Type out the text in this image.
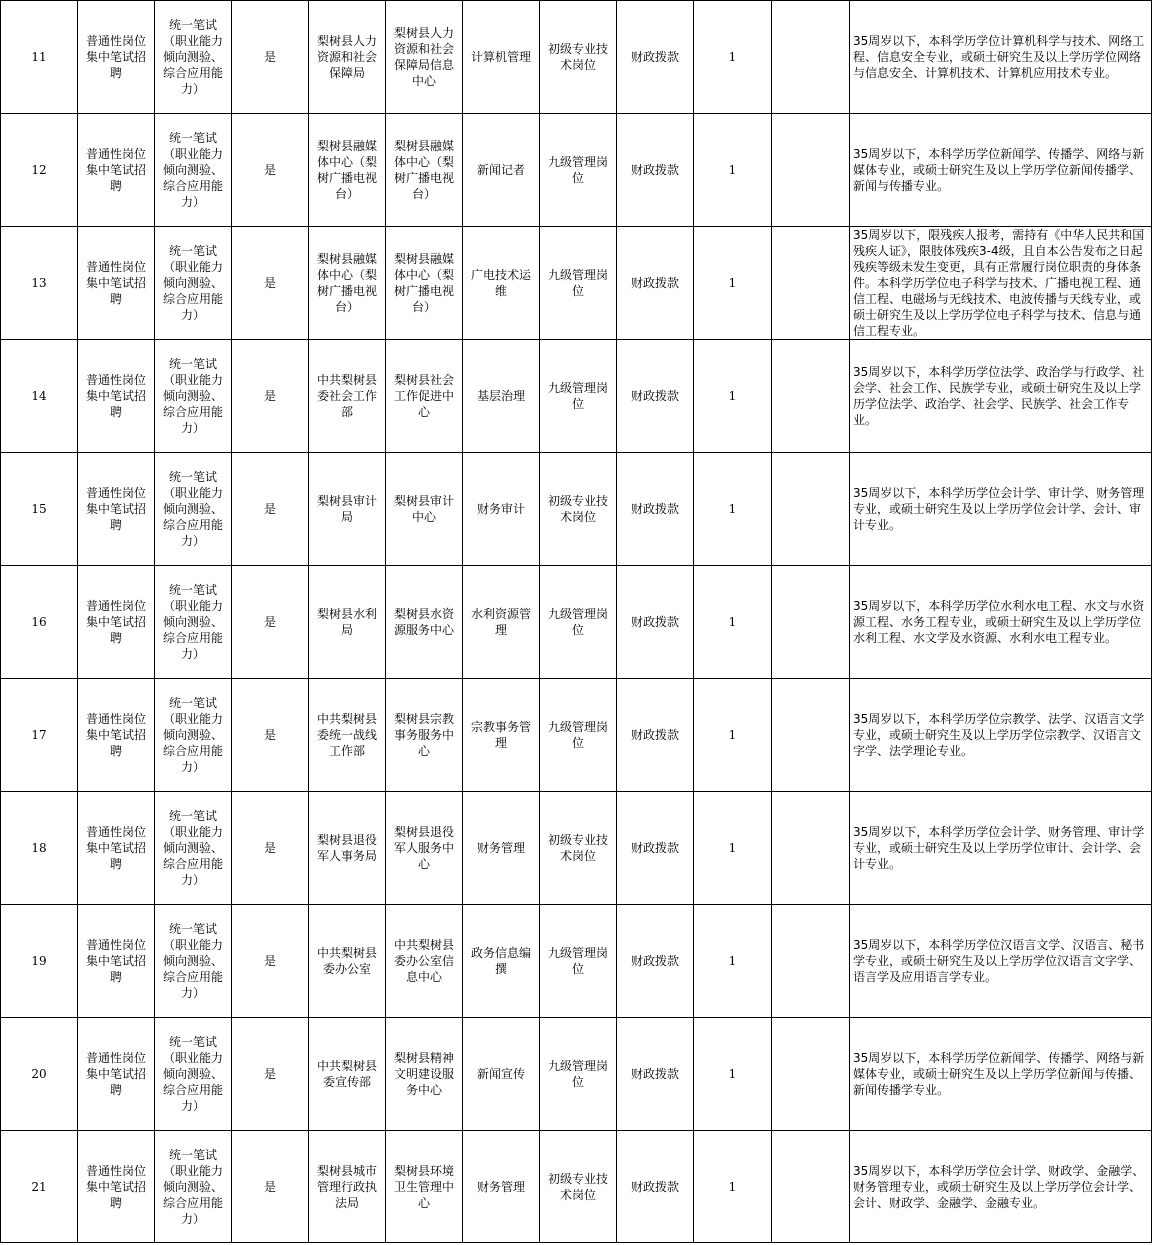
11	普通性岗位集中笔试招聘	统一笔试（职业能力倾向测验、综合应用能力）	是	梨树县人力资源和社会保障局	梨树县人力资源和社会保障局信息中心	计算机管理	初级专业技术岗位	财政拨款	1		35周岁以下，本科学历学位计算机科学与技术、网络工程、信息安全专业，或硕士研究生及以上学历学位网络与信息安全、计算机技术、计算机应用技术专业。
12	普通性岗位集中笔试招聘	统一笔试（职业能力倾向测验、综合应用能力）	是	梨树县融媒体中心（梨树广播电视台）	梨树县融媒体中心（梨树广播电视台）	新闻记者	九级管理岗位	财政拨款	1		35周岁以下，本科学历学位新闻学、传播学、网络与新媒体专业，或硕士研究生及以上学历学位新闻传播学、新闻与传播专业。
13	普通性岗位集中笔试招聘	统一笔试（职业能力倾向测验、综合应用能力）	是	梨树县融媒体中心（梨树广播电视台）	梨树县融媒体中心（梨树广播电视台）	广电技术运维	九级管理岗位	财政拨款	1		35周岁以下，限残疾人报考，需持有《中华人民共和国残疾人证》，限肢体残疾3-4级，且自本公告发布之日起残疾等级未发生变更，具有正常履行岗位职责的身体条件。本科学历学位电子科学与技术、广播电视工程、通信工程、电磁场与无线技术、电波传播与天线专业，或硕士研究生及以上学历学位电子科学与技术、信息与通信工程专业。
14	普通性岗位集中笔试招聘	统一笔试（职业能力倾向测验、综合应用能力）	是	中共梨树县委社会工作部	梨树县社会工作促进中心	基层治理	九级管理岗位	财政拨款	1		35周岁以下，本科学历学位法学、政治学与行政学、社会学、社会工作、民族学专业，或硕士研究生及以上学历学位法学、政治学、社会学、民族学、社会工作专业。
15	普通性岗位集中笔试招聘	统一笔试（职业能力倾向测验、综合应用能力）	是	梨树县审计局	梨树县审计中心	财务审计	初级专业技术岗位	财政拨款	1		35周岁以下，本科学历学位会计学、审计学、财务管理专业，或硕士研究生及以上学历学位会计学、会计、审计专业。
16	普通性岗位集中笔试招聘	统一笔试（职业能力倾向测验、综合应用能力）	是	梨树县水利局	梨树县水资源服务中心	水利资源管理	九级管理岗位	财政拨款	1		35周岁以下，本科学历学位水利水电工程、水文与水资源工程、水务工程专业，或硕士研究生及以上学历学位水利工程、水文学及水资源、水利水电工程专业。
17	普通性岗位集中笔试招聘	统一笔试（职业能力倾向测验、综合应用能力）	是	中共梨树县委统一战线工作部	梨树县宗教事务服务中心	宗教事务管理	九级管理岗位	财政拨款	1		35周岁以下，本科学历学位宗教学、法学、汉语言文学专业，或硕士研究生及以上学历学位宗教学、汉语言文字学、法学理论专业。
18	普通性岗位集中笔试招聘	统一笔试（职业能力倾向测验、综合应用能力）	是	梨树县退役军人事务局	梨树县退役军人服务中心	财务管理	初级专业技术岗位	财政拨款	1		35周岁以下，本科学历学位会计学、财务管理、审计学专业，或硕士研究生及以上学历学位审计、会计学、会计专业。
19	普通性岗位集中笔试招聘	统一笔试（职业能力倾向测验、综合应用能力）	是	中共梨树县委办公室	中共梨树县委办公室信息中心	政务信息编撰	九级管理岗位	财政拨款	1		35周岁以下，本科学历学位汉语言文学、汉语言、秘书学专业，或硕士研究生及以上学历学位汉语言文字学、语言学及应用语言学专业。
20	普通性岗位集中笔试招聘	统一笔试（职业能力倾向测验、综合应用能力）	是	中共梨树县委宣传部	梨树县精神文明建设服务中心	新闻宣传	九级管理岗位	财政拨款	1		35周岁以下，本科学历学位新闻学、传播学、网络与新媒体专业，或硕士研究生及以上学历学位新闻与传播、新闻传播学专业。
21	普通性岗位集中笔试招聘	统一笔试（职业能力倾向测验、综合应用能力）	是	梨树县城市管理行政执法局	梨树县环境卫生管理中心	财务管理	初级专业技术岗位	财政拨款	1		35周岁以下，本科学历学位会计学、财政学、金融学、财务管理专业，或硕士研究生及以上学历学位会计学、会计、财政学、金融学、金融专业。
